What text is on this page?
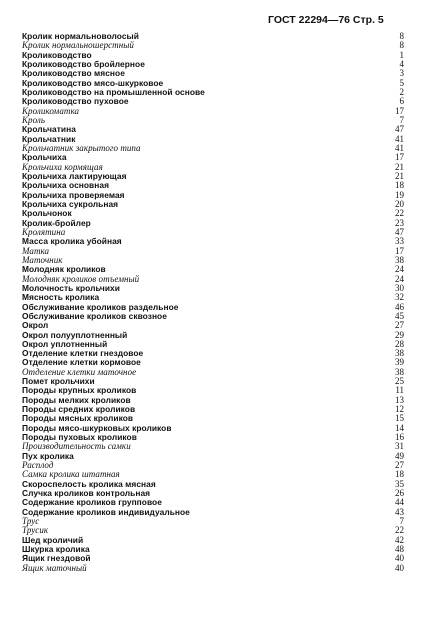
ГОСТ 22294—76 Стр. 5
Кролик нормальноволосый	8
Кролик нормальношерстный	8
Кролиководство	1
Кролиководство бройлерное	4
Кролиководство мясное	3
Кролиководство мясо-шкурковое	5
Кролиководство на промышленной основе	2
Кролиководство пуховое	6
Кроликоматка	17
Кроль	7
Крольчатина	47
Крольчатник	41
Крольчатник закрытого типа	41
Крольчиха	17
Крольчиха кормящая	21
Крольчиха лактирующая	21
Крольчиха основная	18
Крольчиха проверяемая	19
Крольчиха сукрольная	20
Крольчонок	22
Кролик-бройлер	23
Кролятина	47
Масса кролика убойная	33
Матка	17
Маточник	38
Молодняк кроликов	24
Молодняк кроликов отъемный	24
Молочность крольчихи	30
Мясность кролика	32
Обслуживание кроликов раздельное	46
Обслуживание кроликов сквозное	45
Окрол	27
Окрол полууплотненный	29
Окрол уплотненный	28
Отделение клетки гнездовое	38
Отделение клетки кормовое	39
Отделение клетки маточное	38
Помет крольчихи	25
Породы крупных кроликов	11
Породы мелких кроликов	13
Породы средних кроликов	12
Породы мясных кроликов	15
Породы мясо-шкурковых кроликов	14
Породы пуховых кроликов	16
Производительность самки	31
Пух кролика	49
Расплод	27
Самка кролика штатная	18
Скороспелость кролика мясная	35
Случка кроликов контрольная	26
Содержание кроликов групповое	44
Содержание кроликов индивидуальное	43
Трус	7
Трусик	22
Шед кроличий	42
Шкурка кролика	48
Ящик гнездовой	40
Ящик маточный	40
